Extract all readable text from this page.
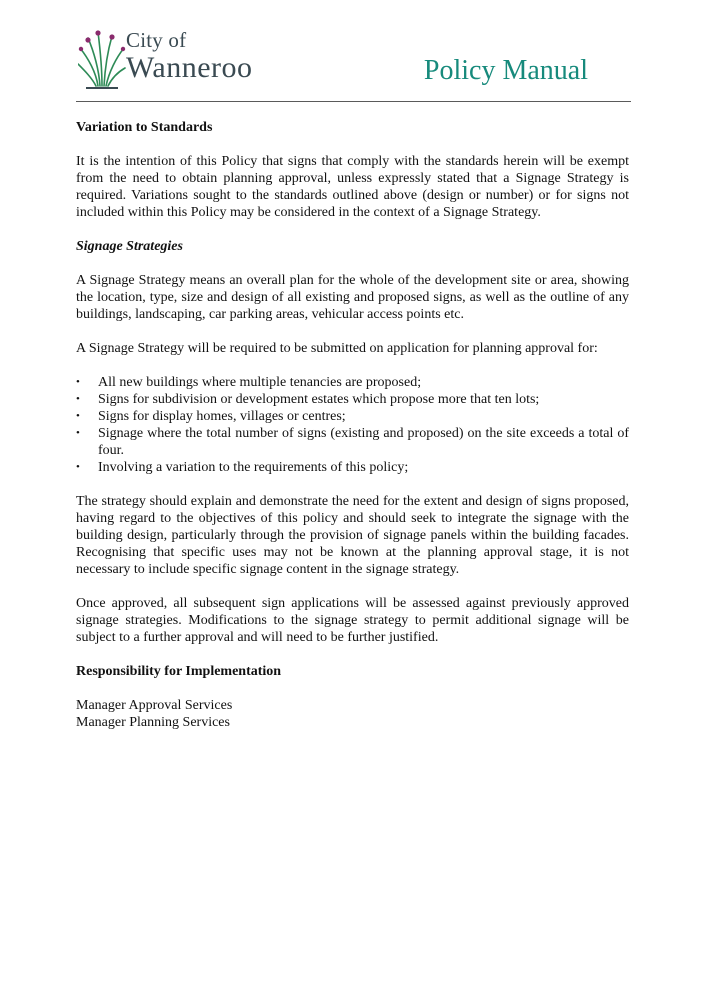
City of
Wanneroo	Policy Manual
Variation to Standards

It is the intention of this Policy that signs that comply with the standards herein will be exempt from the need to obtain planning approval, unless expressly stated that a Signage Strategy is required. Variations sought to the standards outlined above (design or number) or for signs not included within this Policy may be considered in the context of a Signage Strategy.

Signage Strategies

A Signage Strategy means an overall plan for the whole of the development site or area, showing the location, type, size and design of all existing and proposed signs, as well as the outline of any buildings, landscaping, car parking areas, vehicular access points etc.

A Signage Strategy will be required to be submitted on application for planning approval for:

• All new buildings where multiple tenancies are proposed;
• Signs for subdivision or development estates which propose more that ten lots;
• Signs for display homes, villages or centres;
• Signage where the total number of signs (existing and proposed) on the site exceeds a total of four.
• Involving a variation to the requirements of this policy;

The strategy should explain and demonstrate the need for the extent and design of signs proposed, having regard to the objectives of this policy and should seek to integrate the signage with the building design, particularly through the provision of signage panels within the building facades. Recognising that specific uses may not be known at the planning approval stage, it is not necessary to include specific signage content in the signage strategy.

Once approved, all subsequent sign applications will be assessed against previously approved signage strategies. Modifications to the signage strategy to permit additional signage will be subject to a further approval and will need to be further justified.

Responsibility for Implementation

Manager Approval Services

Manager Planning Services
